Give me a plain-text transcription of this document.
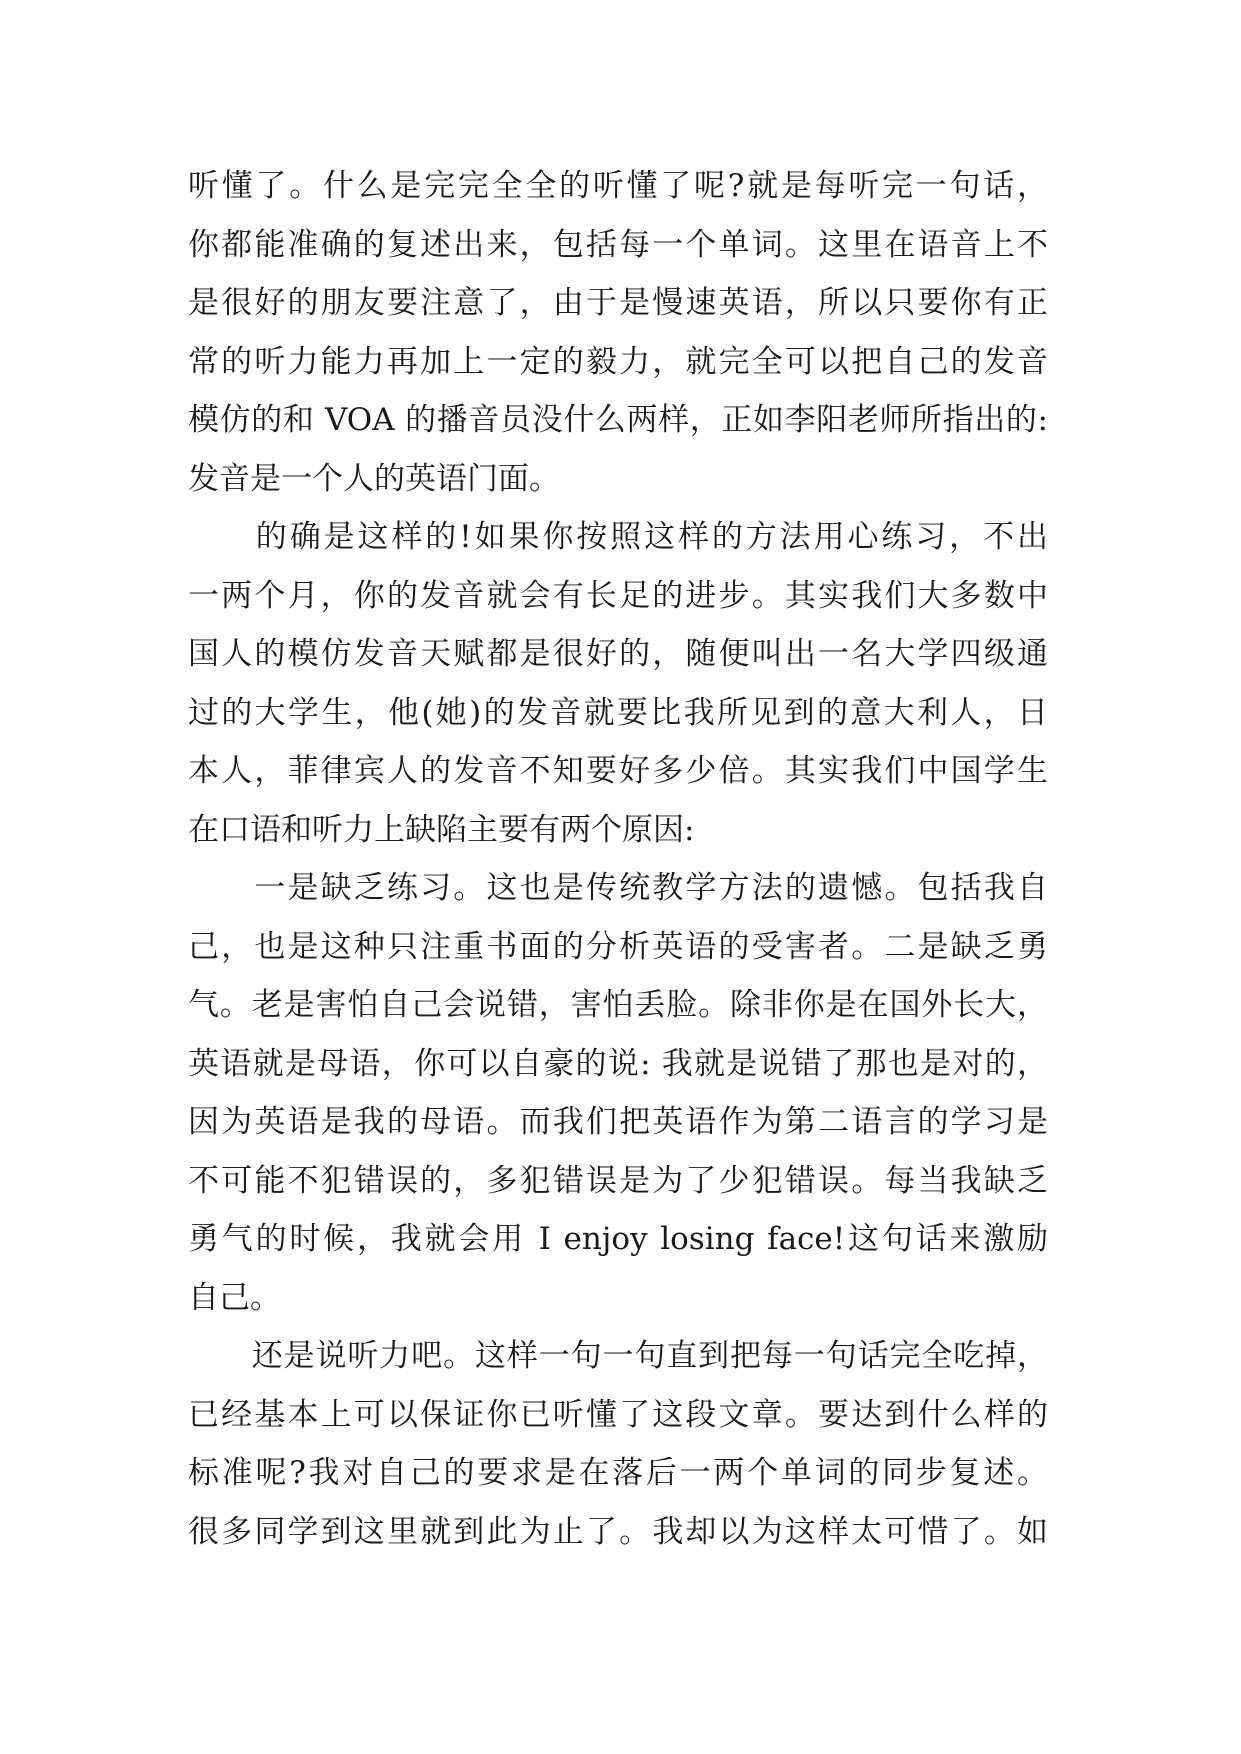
听懂了。什么是完完全全的听懂了呢?就是每听完一句话，
你都能准确的复述出来，包括每一个单词。这里在语音上不
是很好的朋友要注意了，由于是慢速英语，所以只要你有正
常的听力能力再加上一定的毅力，就完全可以把自己的发音
模仿的和 VOA 的播音员没什么两样，正如李阳老师所指出的:
发音是一个人的英语门面。

　　的确是这样的!如果你按照这样的方法用心练习，不出
一两个月，你的发音就会有长足的进步。其实我们大多数中
国人的模仿发音天赋都是很好的，随便叫出一名大学四级通
过的大学生，他(她)的发音就要比我所见到的意大利人，日
本人，菲律宾人的发音不知要好多少倍。其实我们中国学生
在口语和听力上缺陷主要有两个原因:

　　一是缺乏练习。这也是传统教学方法的遗憾。包括我自
己，也是这种只注重书面的分析英语的受害者。二是缺乏勇
气。老是害怕自己会说错，害怕丢脸。除非你是在国外长大，
英语就是母语，你可以自豪的说: 我就是说错了那也是对的，
因为英语是我的母语。而我们把英语作为第二语言的学习是
不可能不犯错误的，多犯错误是为了少犯错误。每当我缺乏
勇气的时候，我就会用 I enjoy losing face!这句话来激励
自己。

　　还是说听力吧。这样一句一句直到把每一句话完全吃掉，
已经基本上可以保证你已听懂了这段文章。要达到什么样的
标准呢?我对自己的要求是在落后一两个单词的同步复述。
很多同学到这里就到此为止了。我却以为这样太可惜了。如
